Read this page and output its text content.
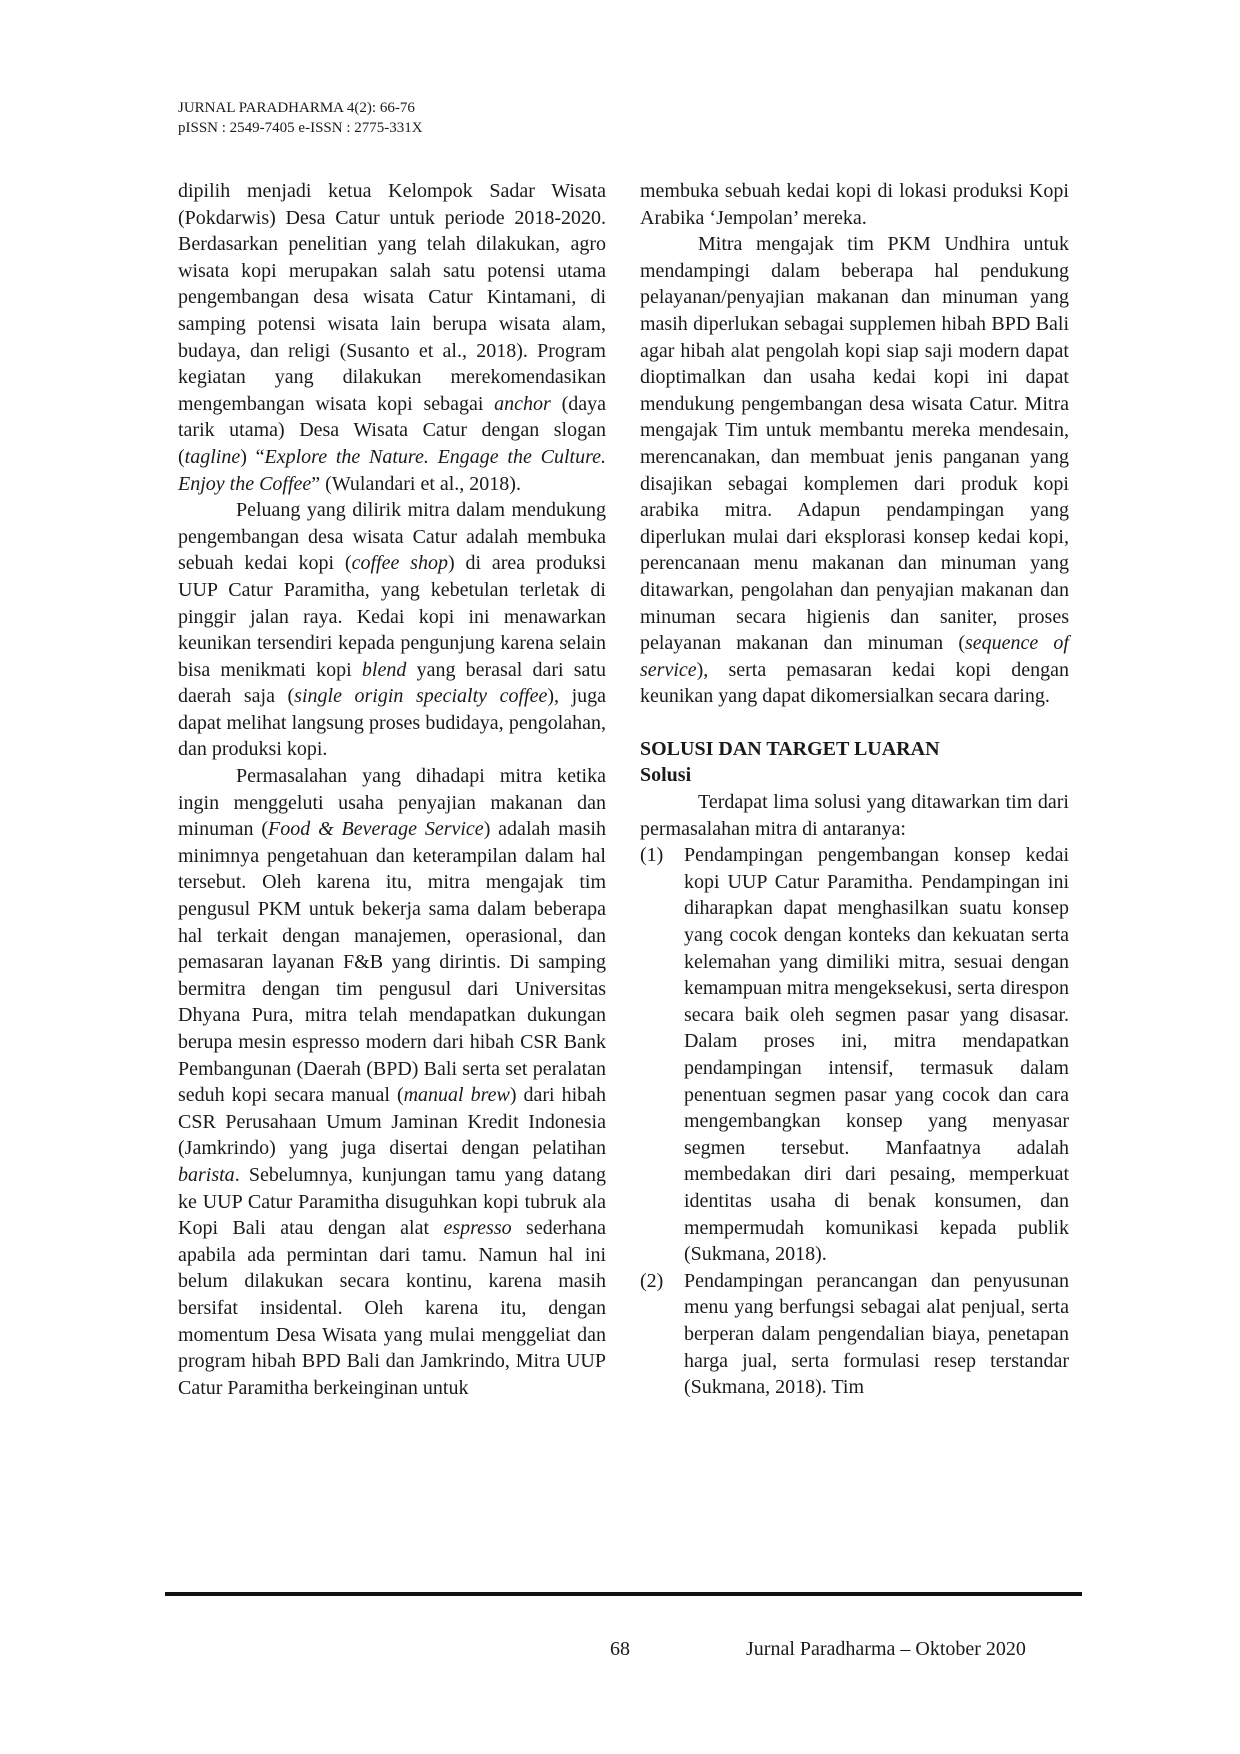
JURNAL PARADHARMA 4(2): 66-76
pISSN : 2549-7405 e-ISSN : 2775-331X

dipilih menjadi ketua Kelompok Sadar Wisata (Pokdarwis) Desa Catur untuk periode 2018-2020. Berdasarkan penelitian yang telah dilakukan, agro wisata kopi merupakan salah satu potensi utama pengembangan desa wisata Catur Kintamani, di samping potensi wisata lain berupa wisata alam, budaya, dan religi (Susanto et al., 2018). Program kegiatan yang dilakukan merekomendasikan mengembangan wisata kopi sebagai anchor (daya tarik utama) Desa Wisata Catur dengan slogan (tagline) “Explore the Nature. Engage the Culture. Enjoy the Coffee” (Wulandari et al., 2018).

Peluang yang dilirik mitra dalam mendukung pengembangan desa wisata Catur adalah membuka sebuah kedai kopi (coffee shop) di area produksi UUP Catur Paramitha, yang kebetulan terletak di pinggir jalan raya. Kedai kopi ini menawarkan keunikan tersendiri kepada pengunjung karena selain bisa menikmati kopi blend yang berasal dari satu daerah saja (single origin specialty coffee), juga dapat melihat langsung proses budidaya, pengolahan, dan produksi kopi.

Permasalahan yang dihadapi mitra ketika ingin menggeluti usaha penyajian makanan dan minuman (Food & Beverage Service) adalah masih minimnya pengetahuan dan keterampilan dalam hal tersebut. Oleh karena itu, mitra mengajak tim pengusul PKM untuk bekerja sama dalam beberapa hal terkait dengan manajemen, operasional, dan pemasaran layanan F&B yang dirintis. Di samping bermitra dengan tim pengusul dari Universitas Dhyana Pura, mitra telah mendapatkan dukungan berupa mesin espresso modern dari hibah CSR Bank Pembangunan (Daerah (BPD) Bali serta set peralatan seduh kopi secara manual (manual brew) dari hibah CSR Perusahaan Umum Jaminan Kredit Indonesia (Jamkrindo) yang juga disertai dengan pelatihan barista. Sebelumnya, kunjungan tamu yang datang ke UUP Catur Paramitha disuguhkan kopi tubruk ala Kopi Bali atau dengan alat espresso sederhana apabila ada permintan dari tamu. Namun hal ini belum dilakukan secara kontinu, karena masih bersifat insidental. Oleh karena itu, dengan momentum Desa Wisata yang mulai menggeliat dan program hibah BPD Bali dan Jamkrindo, Mitra UUP Catur Paramitha berkeinginan untuk

membuka sebuah kedai kopi di lokasi produksi Kopi Arabika ‘Jempolan’ mereka.

Mitra mengajak tim PKM Undhira untuk mendampingi dalam beberapa hal pendukung pelayanan/penyajian makanan dan minuman yang masih diperlukan sebagai supplemen hibah BPD Bali agar hibah alat pengolah kopi siap saji modern dapat dioptimalkan dan usaha kedai kopi ini dapat mendukung pengembangan desa wisata Catur. Mitra mengajak Tim untuk membantu mereka mendesain, merencanakan, dan membuat jenis panganan yang disajikan sebagai komplemen dari produk kopi arabika mitra. Adapun pendampingan yang diperlukan mulai dari eksplorasi konsep kedai kopi, perencanaan menu makanan dan minuman yang ditawarkan, pengolahan dan penyajian makanan dan minuman secara higienis dan saniter, proses pelayanan makanan dan minuman (sequence of service), serta pemasaran kedai kopi dengan keunikan yang dapat dikomersialkan secara daring.

SOLUSI DAN TARGET LUARAN

Solusi

Terdapat lima solusi yang ditawarkan tim dari permasalahan mitra di antaranya:

(1) Pendampingan pengembangan konsep kedai kopi UUP Catur Paramitha. Pendampingan ini diharapkan dapat menghasilkan suatu konsep yang cocok dengan konteks dan kekuatan serta kelemahan yang dimiliki mitra, sesuai dengan kemampuan mitra mengeksekusi, serta direspon secara baik oleh segmen pasar yang disasar. Dalam proses ini, mitra mendapatkan pendampingan intensif, termasuk dalam penentuan segmen pasar yang cocok dan cara mengembangkan konsep yang menyasar segmen tersebut. Manfaatnya adalah membedakan diri dari pesaing, memperkuat identitas usaha di benak konsumen, dan mempermudah komunikasi kepada publik (Sukmana, 2018).
(2) Pendampingan perancangan dan penyusunan menu yang berfungsi sebagai alat penjual, serta berperan dalam pengendalian biaya, penetapan harga jual, serta formulasi resep terstandar (Sukmana, 2018). Tim
68	Jurnal Paradharma – Oktober 2020
